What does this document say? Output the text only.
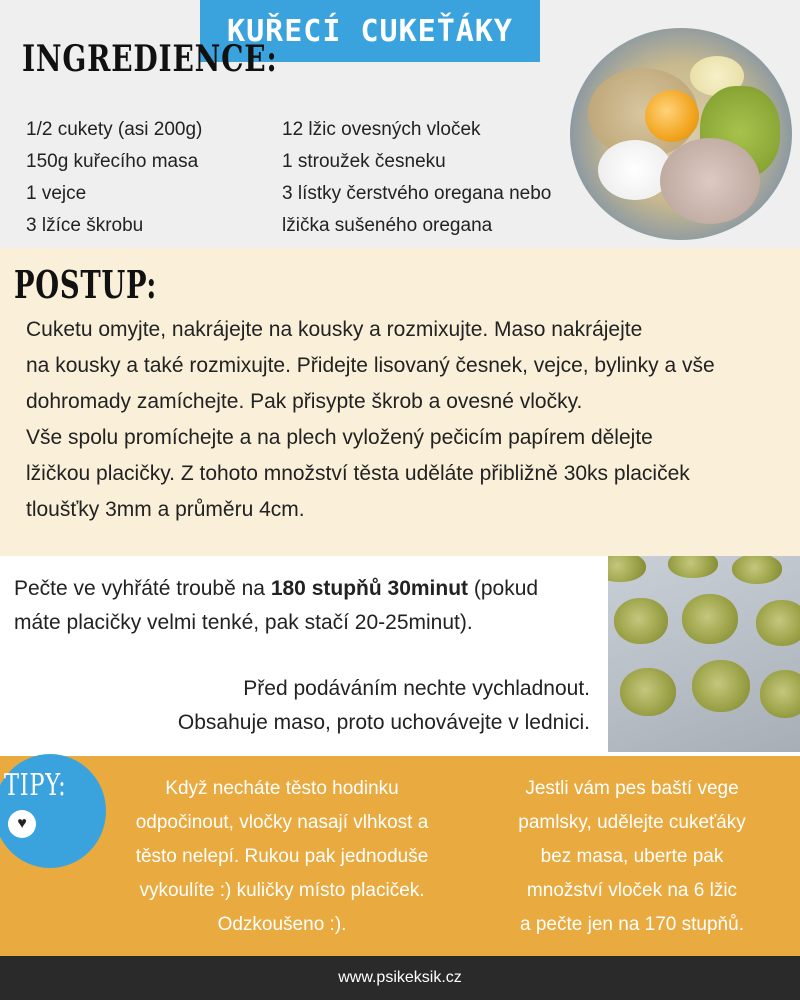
KUŘECÍ CUKEŤÁKY
INGREDIENCE:
1/2 cukety (asi 200g)
150g kuřecího masa
1 vejce
3 lžíce škrobu
12 lžic ovesných vloček
1 stroužek česneku
3 lístky čerstvého oregana nebo
lžička sušeného oregana
POSTUP:

Cuketu omyjte, nakrájejte na kousky a rozmixujte. Maso nakrájejte

na kousky a také rozmixujte. Přidejte lisovaný česnek, vejce, bylinky a vše

dohromady zamíchejte. Pak přisypte škrob a ovesné vločky.

Vše spolu promíchejte a na plech vyložený pečicím papírem dělejte

lžičkou placičky. Z tohoto množství těsta uděláte přibližně 30ks placiček

tloušťky 3mm a průměru 4cm.

Pečte ve vyhřáté troubě na 180 stupňů 30minut (pokud

máte placičky velmi tenké, pak stačí 20-25minut).

Před podáváním nechte vychladnout.

Obsahuje maso, proto uchovávejte v lednici.

TIPY:
♥

Když necháte těsto hodinku

odpočinout, vločky nasají vlhkost a

těsto nelepí. Rukou pak jednoduše

vykoulíte :) kuličky místo placiček.

Odzkoušeno :).

Jestli vám pes baští vege

pamlsky, udělejte cukeťáky

bez masa, uberte pak

množství vloček na 6 lžic

a pečte jen na 170 stupňů.

www.psikeksik.cz
